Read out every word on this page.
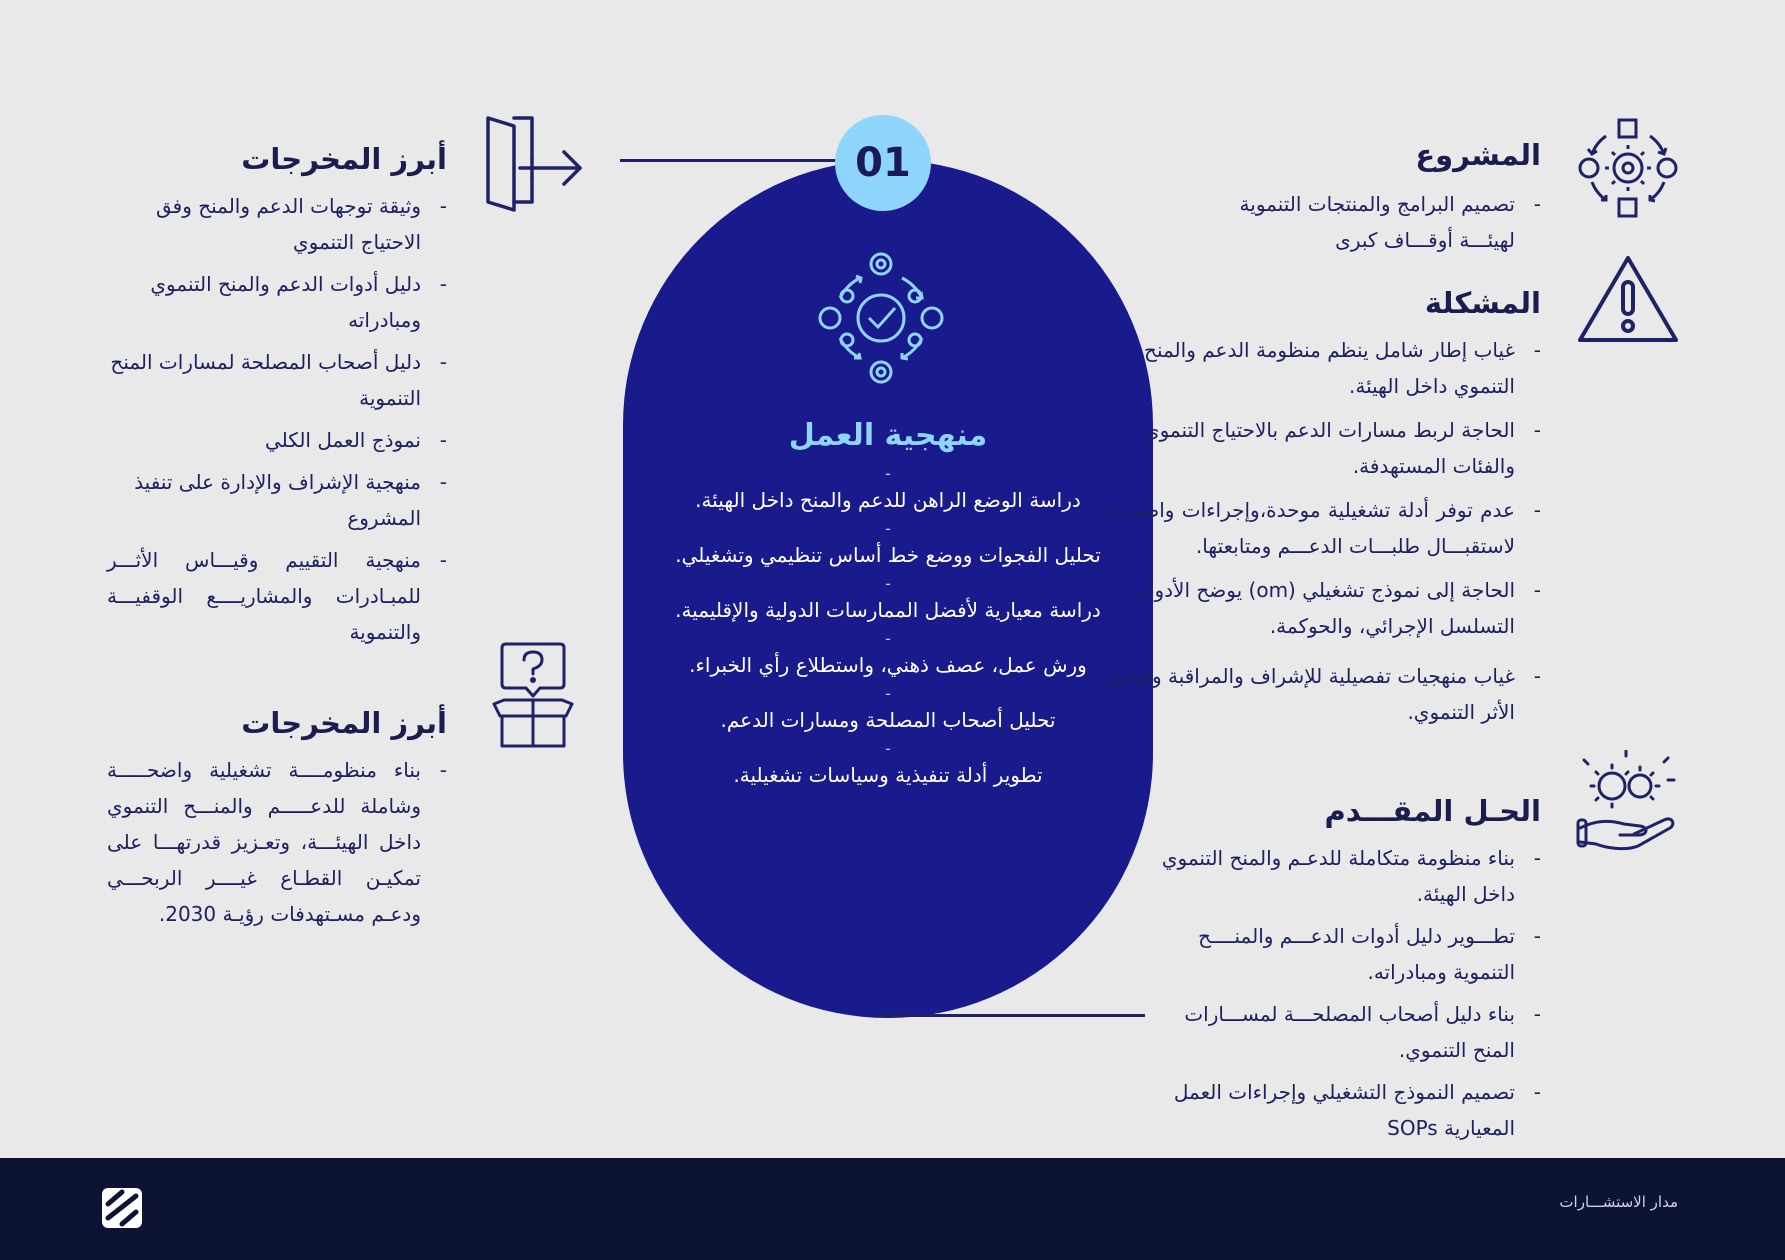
01
منهجية العمل
-
دراسة الوضع الراهن للدعم والمنح داخل الهيئة.
-
تحليل الفجوات ووضع خط أساس تنظيمي وتشغيلي.
-
دراسة معيارية لأفضل الممارسات الدولية والإقليمية.
-
ورش عمل، عصف ذهني، واستطلاع رأي الخبراء.
-
تحليل أصحاب المصلحة ومسارات الدعم.
-
تطوير أدلة تنفيذية وسياسات تشغيلية.
المشروع
- تصميم البرامج والمنتجات التنموية لهيئـــة أوقـــاف كبرى
المشكلة
- غياب إطار شامل ينظم منظومة الدعم والمنح التنموي داخل الهيئة.
- الحاجة لربط مسارات الدعم بالاحتياج التنموي والفئات المستهدفة.
- عدم توفر أدلة تشغيلية موحدة،وإجراءات واضحـــة لاستقبـــال طلبـــات الدعـــم ومتابعتها.
- الحاجة إلى نموذج تشغيلي (om) يوضح الأدوار، التسلسل الإجرائي، والحوكمة.
- غياب منهجيات تفصيلية للإشراف والمراقبة وقياس الأثر التنموي.
الحـل المقـــدم
- بناء منظومة متكاملة للدعـم والمنح التنموي داخل الهيئة.
- تطـــوير دليل أدوات الدعـــم والمنــــح التنموية ومبادراته.
- بناء دليل أصحاب المصلحـــة لمســـارات المنح التنموي.
- تصميم النموذج التشغيلي وإجراءات العمل المعيارية SOPs
أبرز المخرجات
- وثيقة توجهات الدعم والمنح وفق الاحتياج التنموي
- دليل أدوات الدعم والمنح التنموي ومبادراته
- دليل أصحاب المصلحة لمسارات المنح التنموية
- نموذج العمل الكلي
- منهجية الإشراف والإدارة على تنفيذ المشروع
- منهجية التقييم وقيـــاس الأثـــر للمبـادرات والمشاريــــع الوقفيـــة والتنموية
أبرز المخرجات
- بناء منظومــــة تشغيلية واضحـــــة وشاملة للدعـــــم والمنـــح التنموي داخل الهيئـــة، وتعـزيز قدرتهـــا على تمكيـن القطـاع غيــــر الربحـــي ودعـم مسـتهدفات رؤيـة 2030.
مدار الاستشـــارات
